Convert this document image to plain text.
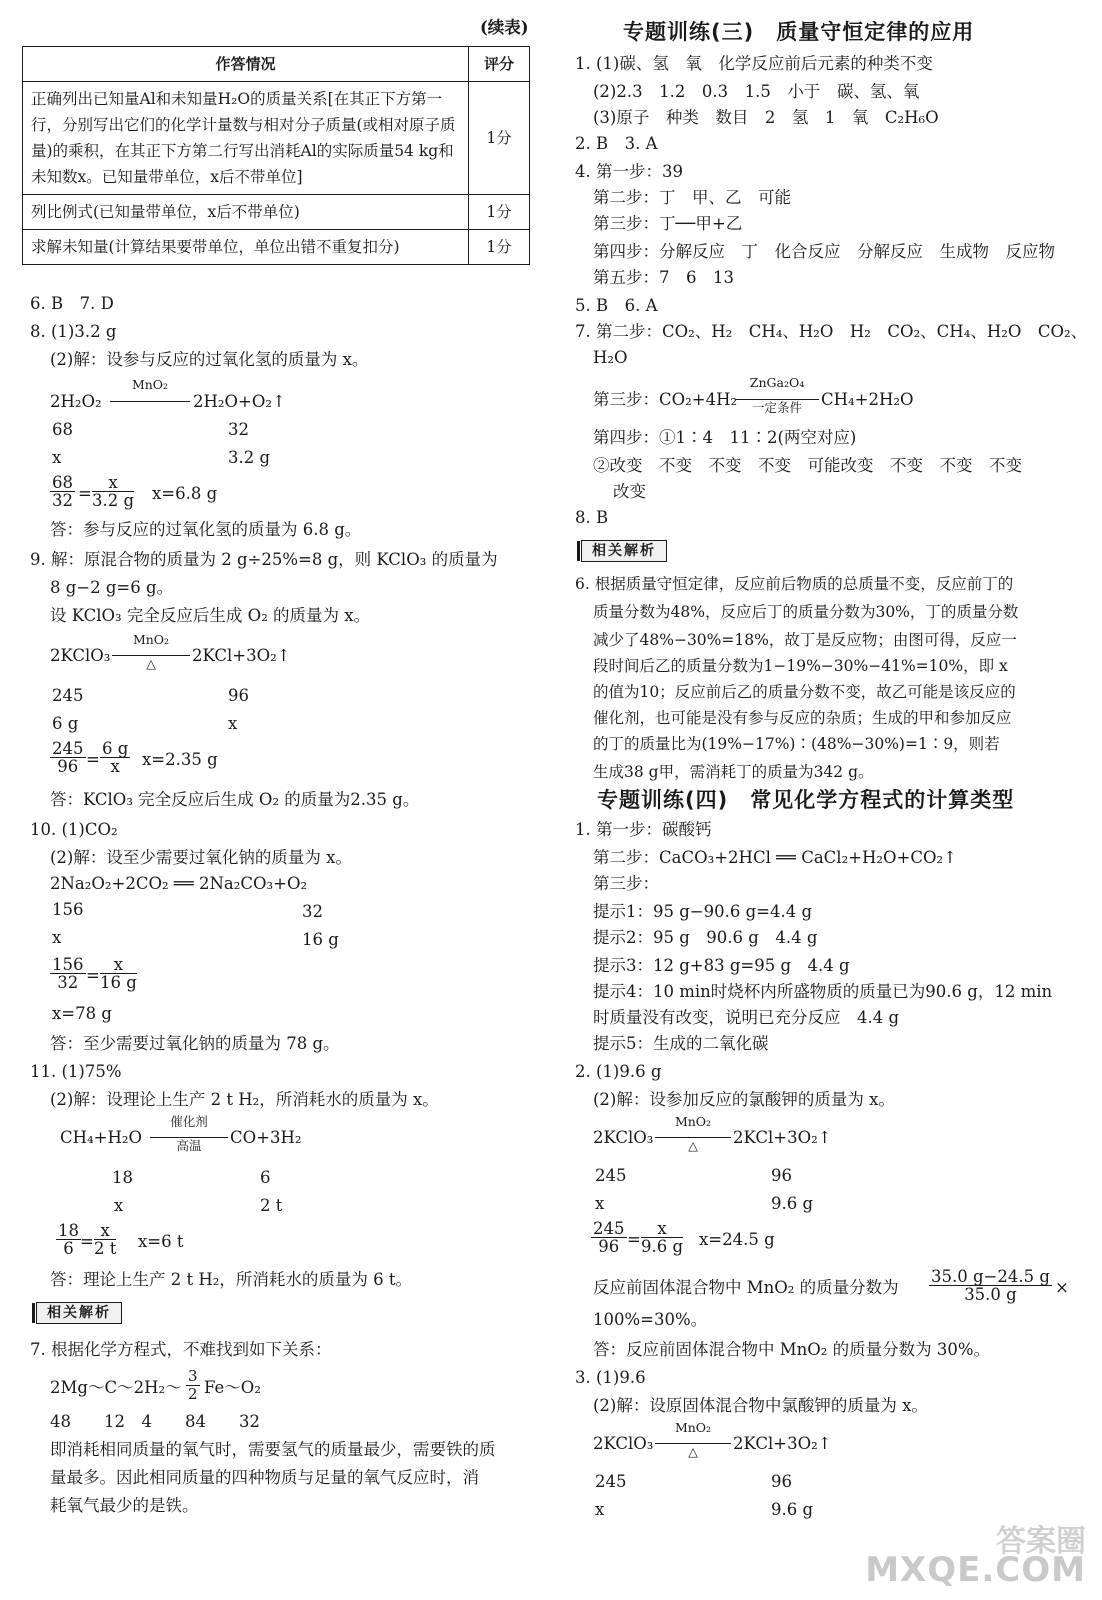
(续表)
作答情况	评分
正确列出已知量Al和未知量H₂O的质量关系[在其正下方第一行，分别写出它们的化学计量数与相对分子质量(或相对原子质量)的乘积，在其正下方第二行写出消耗Al的实际质量54 kg和未知数x。已知量带单位，x后不带单位]	1分
列比例式(已知量带单位，x后不带单位)	1分
求解未知量(计算结果要带单位，单位出错不重复扣分)	1分
6. B　7. D
8. (1)3.2 g
(2)解：设参与反应的过氧化氢的质量为 x。
2H₂O₂
MnO₂
2H₂O+O₂↑
68	32
x	3.2 g
$\frac{68}{32} = \frac{x}{3.2 g} x=6.8$ g
答：参与反应的过氧化氢的质量为 6.8 g。
9. 解：原混合物的质量为 2 g÷25%=8 g，则 KClO₃ 的质量为
8 g−2 g=6 g。
设 KClO₃ 完全反应后生成 O₂ 的质量为 x。
2KClO₃
MnO₂
△	2KCl+3O₂↑
245	96
6 g	x
$\frac{245}{96} = \frac{6 g}{x} x=2.35$ g
答：KClO₃ 完全反应后生成 O₂ 的质量为2.35 g。
10. (1)CO₂
(2)解：设至少需要过氧化钠的质量为 x。
2Na₂O₂+2CO₂ ══ 2Na₂CO₃+O₂
156	32
x	16 g
$\frac{156}{32} = \frac{x}{16 g}$
x=78 g
答：至少需要过氧化钠的质量为 78 g。
11. (1)75%
(2)解：设理论上生产 2 t H₂，所消耗水的质量为 x。
CH₄+H₂O
催化剂
高温	CO+3H₂
18	6
x	2 t
$\frac{18}{6} = \frac{x}{2 t} x=6$ t
答：理论上生产 2 t H₂，所消耗水的质量为 6 t。
相关解析
7. 根据化学方程式，不难找到如下关系：
2Mg～C～2H₂～ $\frac{3}{2}$ Fe～O₂
48　　12　4　　84　　32
即消耗相同质量的氧气时，需要氢气的质量最少，需要铁的质
量最多。因此相同质量的四种物质与足量的氧气反应时，消
耗氧气最少的是铁。
专题训练(三)　质量守恒定律的应用
1. (1)碳、氢　氧　化学反应前后元素的种类不变
(2)2.3　1.2　0.3　1.5　小于　碳、氢、氧
(3)原子　种类　数目　2　氢　1　氧　C₂H₆O
2. B　3. A
4. 第一步：39
第二步：丁　甲、乙　可能
第三步：丁──甲+乙
第四步：分解反应　丁　化合反应　分解反应　生成物　反应物
第五步：7　6　13
5. B　6. A
7. 第二步：CO₂、H₂　CH₄、H₂O　H₂　CO₂、CH₄、H₂O　CO₂、
H₂O
第三步：CO₂+4H₂
ZnGa₂O₄
一定条件	CH₄+2H₂O
第四步：①1∶4　11∶2(两空对应)
②改变　不变　不变　不变　可能改变　不变　不变　不变
改变
8. B
相关解析
6. 根据质量守恒定律，反应前后物质的总质量不变，反应前丁的
质量分数为48%，反应后丁的质量分数为30%，丁的质量分数
减少了48%−30%=18%，故丁是反应物；由图可得，反应一
段时间后乙的质量分数为1−19%−30%−41%=10%，即 x
的值为10；反应前后乙的质量分数不变，故乙可能是该反应的
催化剂，也可能是没有参与反应的杂质；生成的甲和参加反应
的丁的质量比为(19%−17%)∶(48%−30%)=1∶9，则若
生成38 g甲，需消耗丁的质量为342 g。
专题训练(四)　常见化学方程式的计算类型
1. 第一步：碳酸钙
第二步：CaCO₃+2HCl ══ CaCl₂+H₂O+CO₂↑
第三步：
提示1：95 g−90.6 g=4.4 g
提示2：95 g　90.6 g　4.4 g
提示3：12 g+83 g=95 g　4.4 g
提示4：10 min时烧杯内所盛物质的质量已为90.6 g，12 min
时质量没有改变，说明已充分反应　4.4 g
提示5：生成的二氧化碳
2. (1)9.6 g
(2)解：设参加反应的氯酸钾的质量为 x。
2KClO₃
MnO₂
△	2KCl+3O₂↑
245	96
x	9.6 g
$\frac{245}{96} = \frac{x}{9.6 g} x=24.5$ g
反应前固体混合物中 MnO₂ 的质量分数为 $\frac{35.0 g-24.5 g}{35.0 g}$ ×
100%=30%。
答：反应前固体混合物中 MnO₂ 的质量分数为 30%。
3. (1)9.6
(2)解：设原固体混合物中氯酸钾的质量为 x。
2KClO₃
MnO₂
△	2KCl+3O₂↑
245	96
x	9.6 g
答案圈
MXQE.COM
